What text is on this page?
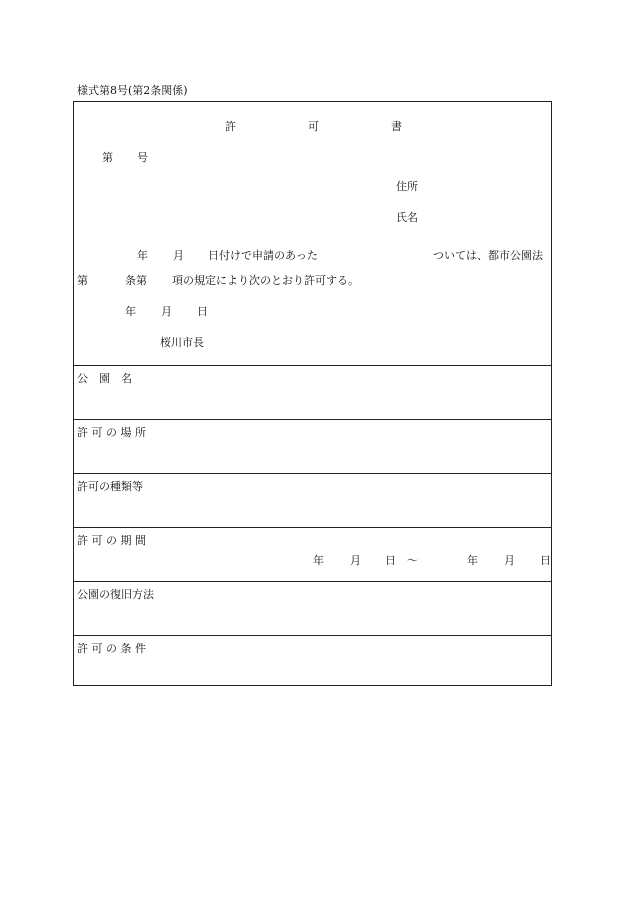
様式第8号(第2条関係)
許	可	書
第 号
住所
氏名
年 月 日付けで申請のあった	ついては、都市公園法
第	条第 項の規定により次のとおり許可する。
年 月 日
桜川市長
公　園　名
許 可 の 場 所
許可の種類等
許 可 の 期 間
年 月 日 ～	年 月 日
公園の復旧方法
許 可 の 条 件
